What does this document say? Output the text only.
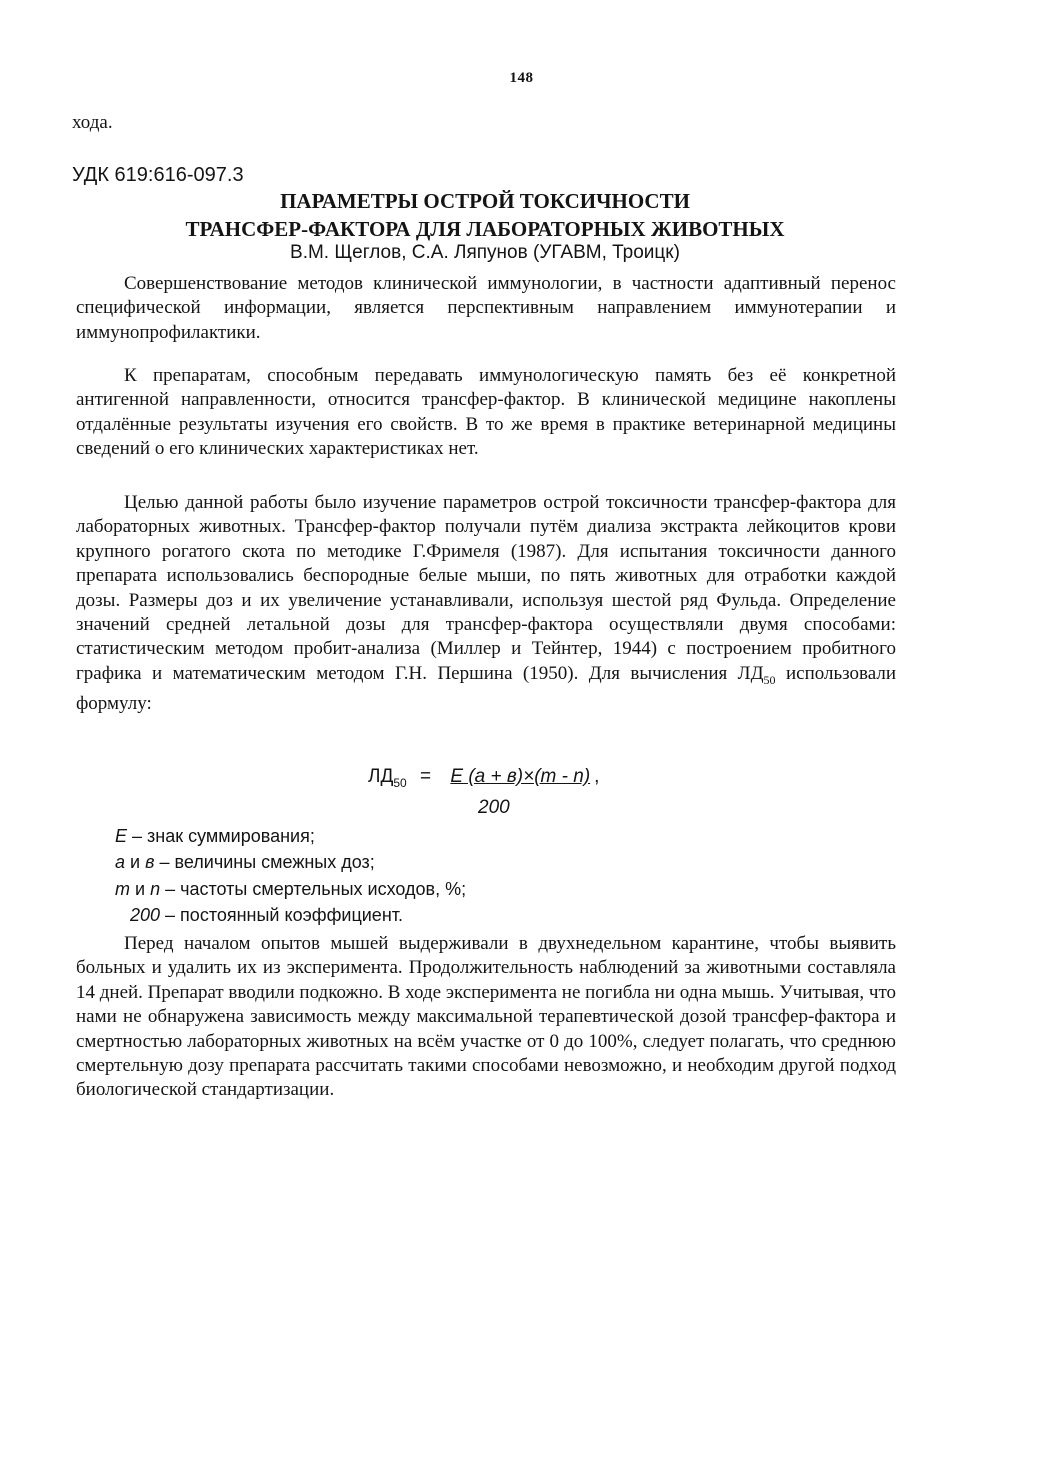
148
хода.
УДК 619:616-097.3
ПАРАМЕТРЫ ОСТРОЙ ТОКСИЧНОСТИ
ТРАНСФЕР-ФАКТОРА ДЛЯ ЛАБОРАТОРНЫХ ЖИВОТНЫХ
В.М. Щеглов, С.А. Ляпунов (УГАВМ, Троицк)

Совершенствование методов клинической иммунологии, в частности адаптивный перенос специфической информации, является перспективным направлением иммунотерапии и иммунопрофилактики.

К препаратам, способным передавать иммунологическую память без её конкретной антигенной направленности, относится трансфер-фактор. В клинической медицине накоплены отдалённые результаты изучения его свойств. В то же время в практике ветеринарной медицины сведений о его клинических характеристиках нет.

Целью данной работы было изучение параметров острой токсичности трансфер-фактора для лабораторных животных. Трансфер-фактор получали путём диализа экстракта лейкоцитов крови крупного рогатого скота по методике Г.Фримеля (1987). Для испытания токсичности данного препарата использовались беспородные белые мыши, по пять животных для отработки каждой дозы. Размеры доз и их увеличение устанавливали, используя шестой ряд Фульда. Определение значений средней летальной дозы для трансфер-фактора осуществляли двумя способами: статистическим методом пробит-анализа (Миллер и Тейнтер, 1944) с построением пробитного графика и математическим методом Г.Н. Першина (1950). Для вычисления $ЛД_{50}$ использовали формулу:

$ЛД_{50} = E$ (a + в)×(m - n) ,
200
E – знак суммирования;
a и в – величины смежных доз;
m и n – частоты смертельных исходов, %;
200 – постоянный коэффициент.

Перед началом опытов мышей выдерживали в двухнедельном карантине, чтобы выявить больных и удалить их из эксперимента. Продолжительность наблюдений за животными составляла 14 дней. Препарат вводили подкожно. В ходе эксперимента не погибла ни одна мышь. Учитывая, что нами не обнаружена зависимость между максимальной терапевтической дозой трансфер-фактора и смертностью лабораторных животных на всём участке от 0 до 100%, следует полагать, что среднюю смертельную дозу препарата рассчитать такими способами невозможно, и необходим другой подход биологической стандартизации.
